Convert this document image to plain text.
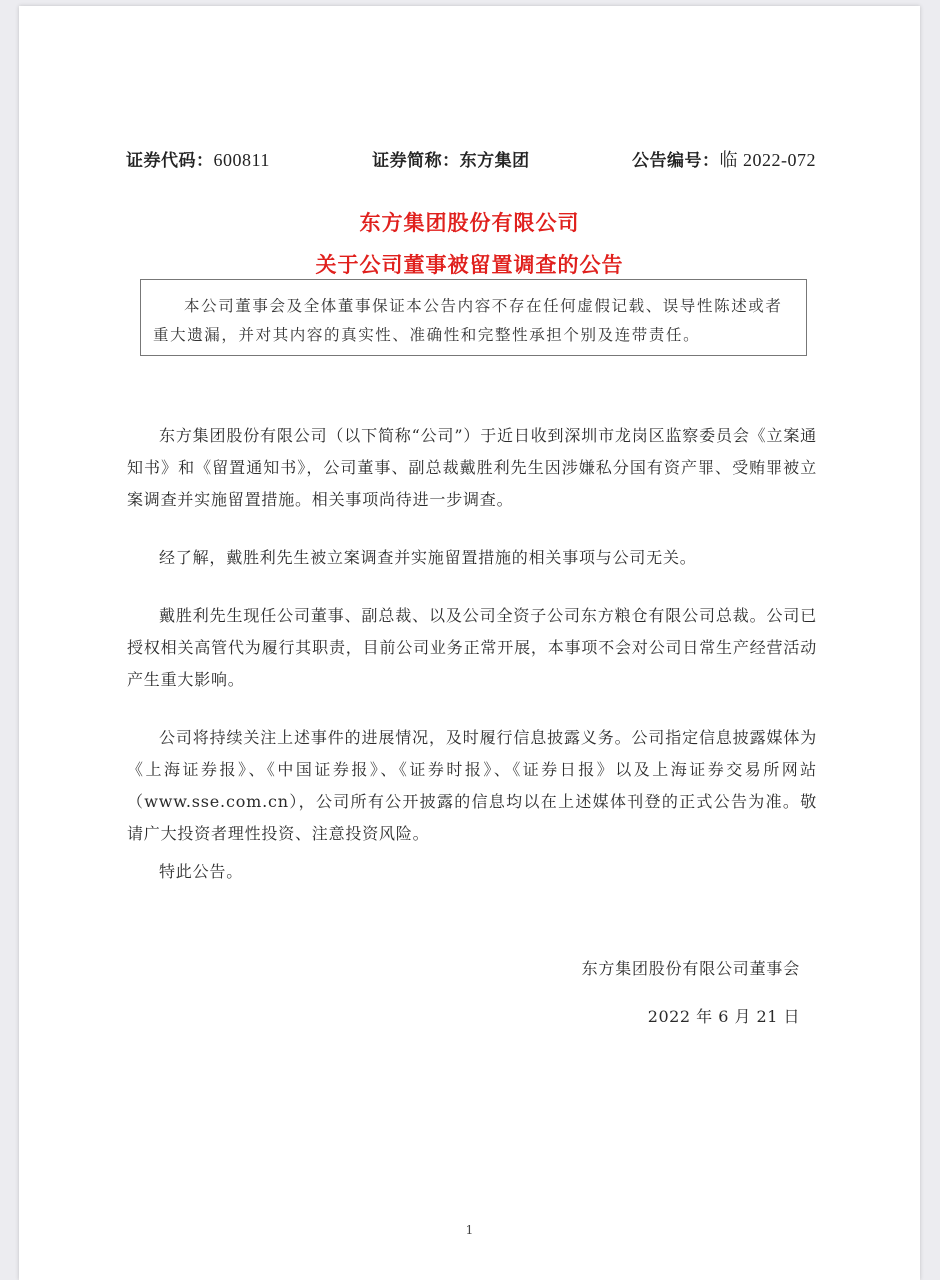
证券代码：600811	证券简称：东方集团	公告编号：临 2022-072
东方集团股份有限公司
关于公司董事被留置调查的公告

本公司董事会及全体董事保证本公告内容不存在任何虚假记载、误导性陈述或者重大遗漏，并对其内容的真实性、准确性和完整性承担个别及连带责任。

东方集团股份有限公司（以下简称“公司”）于近日收到深圳市龙岗区监察委员会《立案通知书》和《留置通知书》，公司董事、副总裁戴胜利先生因涉嫌私分国有资产罪、受贿罪被立案调查并实施留置措施。相关事项尚待进一步调查。

经了解，戴胜利先生被立案调查并实施留置措施的相关事项与公司无关。

戴胜利先生现任公司董事、副总裁、以及公司全资子公司东方粮仓有限公司总裁。公司已授权相关高管代为履行其职责，目前公司业务正常开展，本事项不会对公司日常生产经营活动产生重大影响。

公司将持续关注上述事件的进展情况，及时履行信息披露义务。公司指定信息披露媒体为《上海证券报》、《中国证券报》、《证券时报》、《证券日报》以及上海证券交易所网站（www.sse.com.cn），公司所有公开披露的信息均以在上述媒体刊登的正式公告为准。敬请广大投资者理性投资、注意投资风险。

特此公告。

东方集团股份有限公司董事会
2022 年 6 月 21 日
1
